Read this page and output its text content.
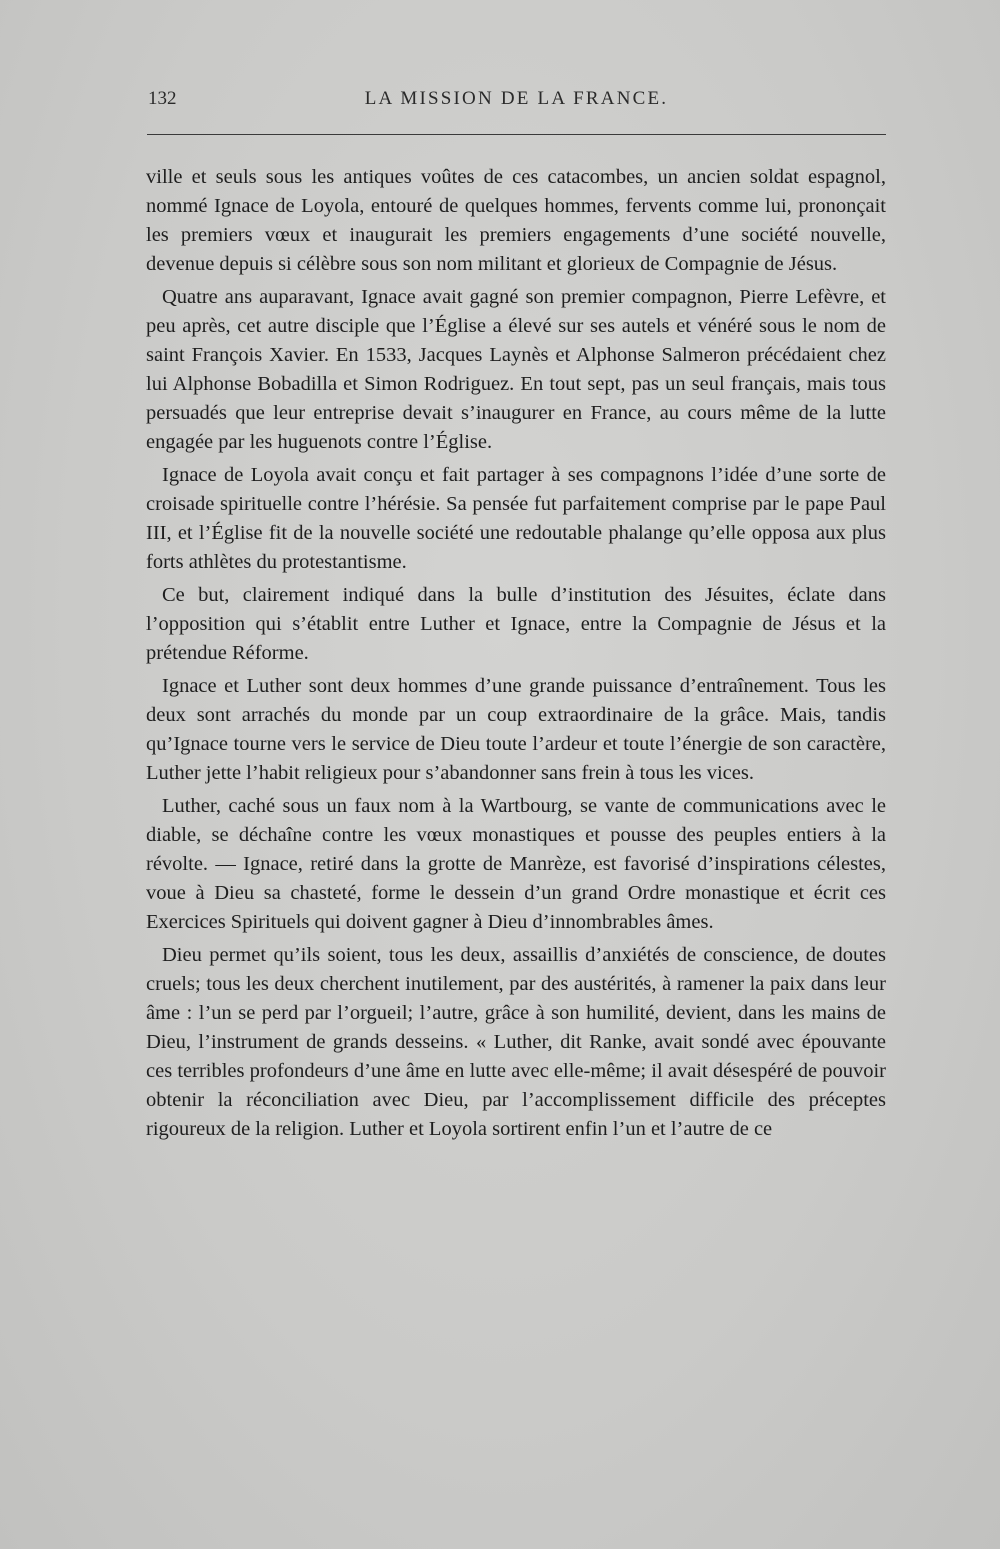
132	LA MISSION DE LA FRANCE.

ville et seuls sous les antiques voûtes de ces catacombes, un ancien soldat espagnol, nommé Ignace de Loyola, entouré de quelques hommes, fervents comme lui, prononçait les premiers vœux et inaugurait les premiers engagements d’une société nouvelle, devenue depuis si célèbre sous son nom militant et glorieux de Compagnie de Jésus.

Quatre ans auparavant, Ignace avait gagné son premier compagnon, Pierre Lefèvre, et peu après, cet autre disciple que l’Église a élevé sur ses autels et vénéré sous le nom de saint François Xavier. En 1533, Jacques Laynès et Alphonse Salmeron précédaient chez lui Alphonse Bobadilla et Simon Rodriguez. En tout sept, pas un seul français, mais tous persuadés que leur entreprise devait s’inaugurer en France, au cours même de la lutte engagée par les huguenots contre l’Église.

Ignace de Loyola avait conçu et fait partager à ses compagnons l’idée d’une sorte de croisade spirituelle contre l’hérésie. Sa pensée fut parfaitement comprise par le pape Paul III, et l’Église fit de la nouvelle société une redoutable phalange qu’elle opposa aux plus forts athlètes du protestantisme.

Ce but, clairement indiqué dans la bulle d’institution des Jésuites, éclate dans l’opposition qui s’établit entre Luther et Ignace, entre la Compagnie de Jésus et la prétendue Réforme.

Ignace et Luther sont deux hommes d’une grande puissance d’entraînement. Tous les deux sont arrachés du monde par un coup extraordinaire de la grâce. Mais, tandis qu’Ignace tourne vers le service de Dieu toute l’ardeur et toute l’énergie de son caractère, Luther jette l’habit religieux pour s’abandonner sans frein à tous les vices.

Luther, caché sous un faux nom à la Wartbourg, se vante de communications avec le diable, se déchaîne contre les vœux monastiques et pousse des peuples entiers à la révolte. — Ignace, retiré dans la grotte de Manrèze, est favorisé d’inspirations célestes, voue à Dieu sa chasteté, forme le dessein d’un grand Ordre monastique et écrit ces Exercices Spirituels qui doivent gagner à Dieu d’innombrables âmes.

Dieu permet qu’ils soient, tous les deux, assaillis d’anxiétés de conscience, de doutes cruels; tous les deux cherchent inutilement, par des austérités, à ramener la paix dans leur âme : l’un se perd par l’orgueil; l’autre, grâce à son humilité, devient, dans les mains de Dieu, l’instrument de grands desseins. « Luther, dit Ranke, avait sondé avec épouvante ces terribles profondeurs d’une âme en lutte avec elle-même; il avait désespéré de pouvoir obtenir la réconciliation avec Dieu, par l’accomplissement difficile des préceptes rigoureux de la religion. Luther et Loyola sortirent enfin l’un et l’autre de ce
